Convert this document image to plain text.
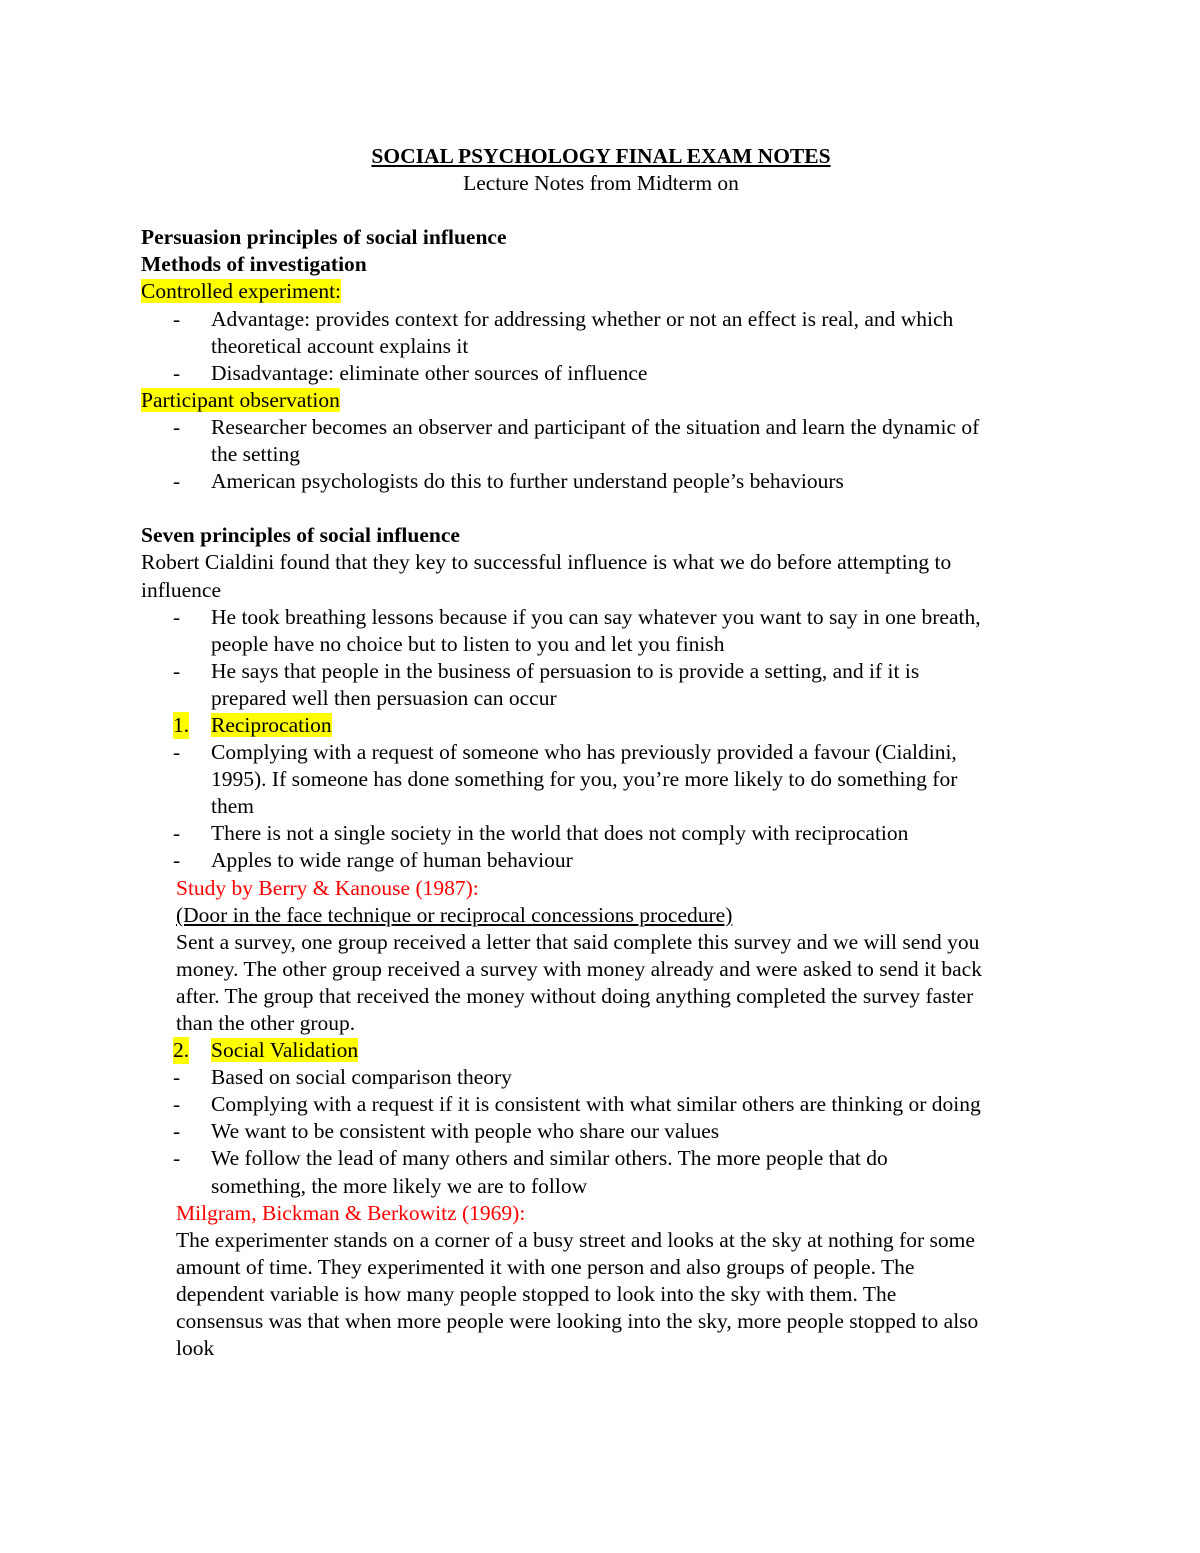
SOCIAL PSYCHOLOGY FINAL EXAM NOTES
Lecture Notes from Midterm on
Persuasion principles of social influence
Methods of investigation
Controlled experiment:
- Advantage: provides context for addressing whether or not an effect is real, and which
theoretical account explains it
- Disadvantage: eliminate other sources of influence
Participant observation
- Researcher becomes an observer and participant of the situation and learn the dynamic of
the setting
- American psychologists do this to further understand people’s behaviours
Seven principles of social influence
Robert Cialdini found that they key to successful influence is what we do before attempting to
influence
- He took breathing lessons because if you can say whatever you want to say in one breath,
people have no choice but to listen to you and let you finish
- He says that people in the business of persuasion to is provide a setting, and if it is
prepared well then persuasion can occur
1. Reciprocation
- Complying with a request of someone who has previously provided a favour (Cialdini,
1995). If someone has done something for you, you’re more likely to do something for
them
- There is not a single society in the world that does not comply with reciprocation
- Apples to wide range of human behaviour
Study by Berry & Kanouse (1987):
(Door in the face technique or reciprocal concessions procedure)
Sent a survey, one group received a letter that said complete this survey and we will send you
money. The other group received a survey with money already and were asked to send it back
after. The group that received the money without doing anything completed the survey faster
than the other group.
2. Social Validation
- Based on social comparison theory
- Complying with a request if it is consistent with what similar others are thinking or doing
- We want to be consistent with people who share our values
- We follow the lead of many others and similar others. The more people that do
something, the more likely we are to follow
Milgram, Bickman & Berkowitz (1969):
The experimenter stands on a corner of a busy street and looks at the sky at nothing for some
amount of time. They experimented it with one person and also groups of people. The
dependent variable is how many people stopped to look into the sky with them. The
consensus was that when more people were looking into the sky, more people stopped to also
look
